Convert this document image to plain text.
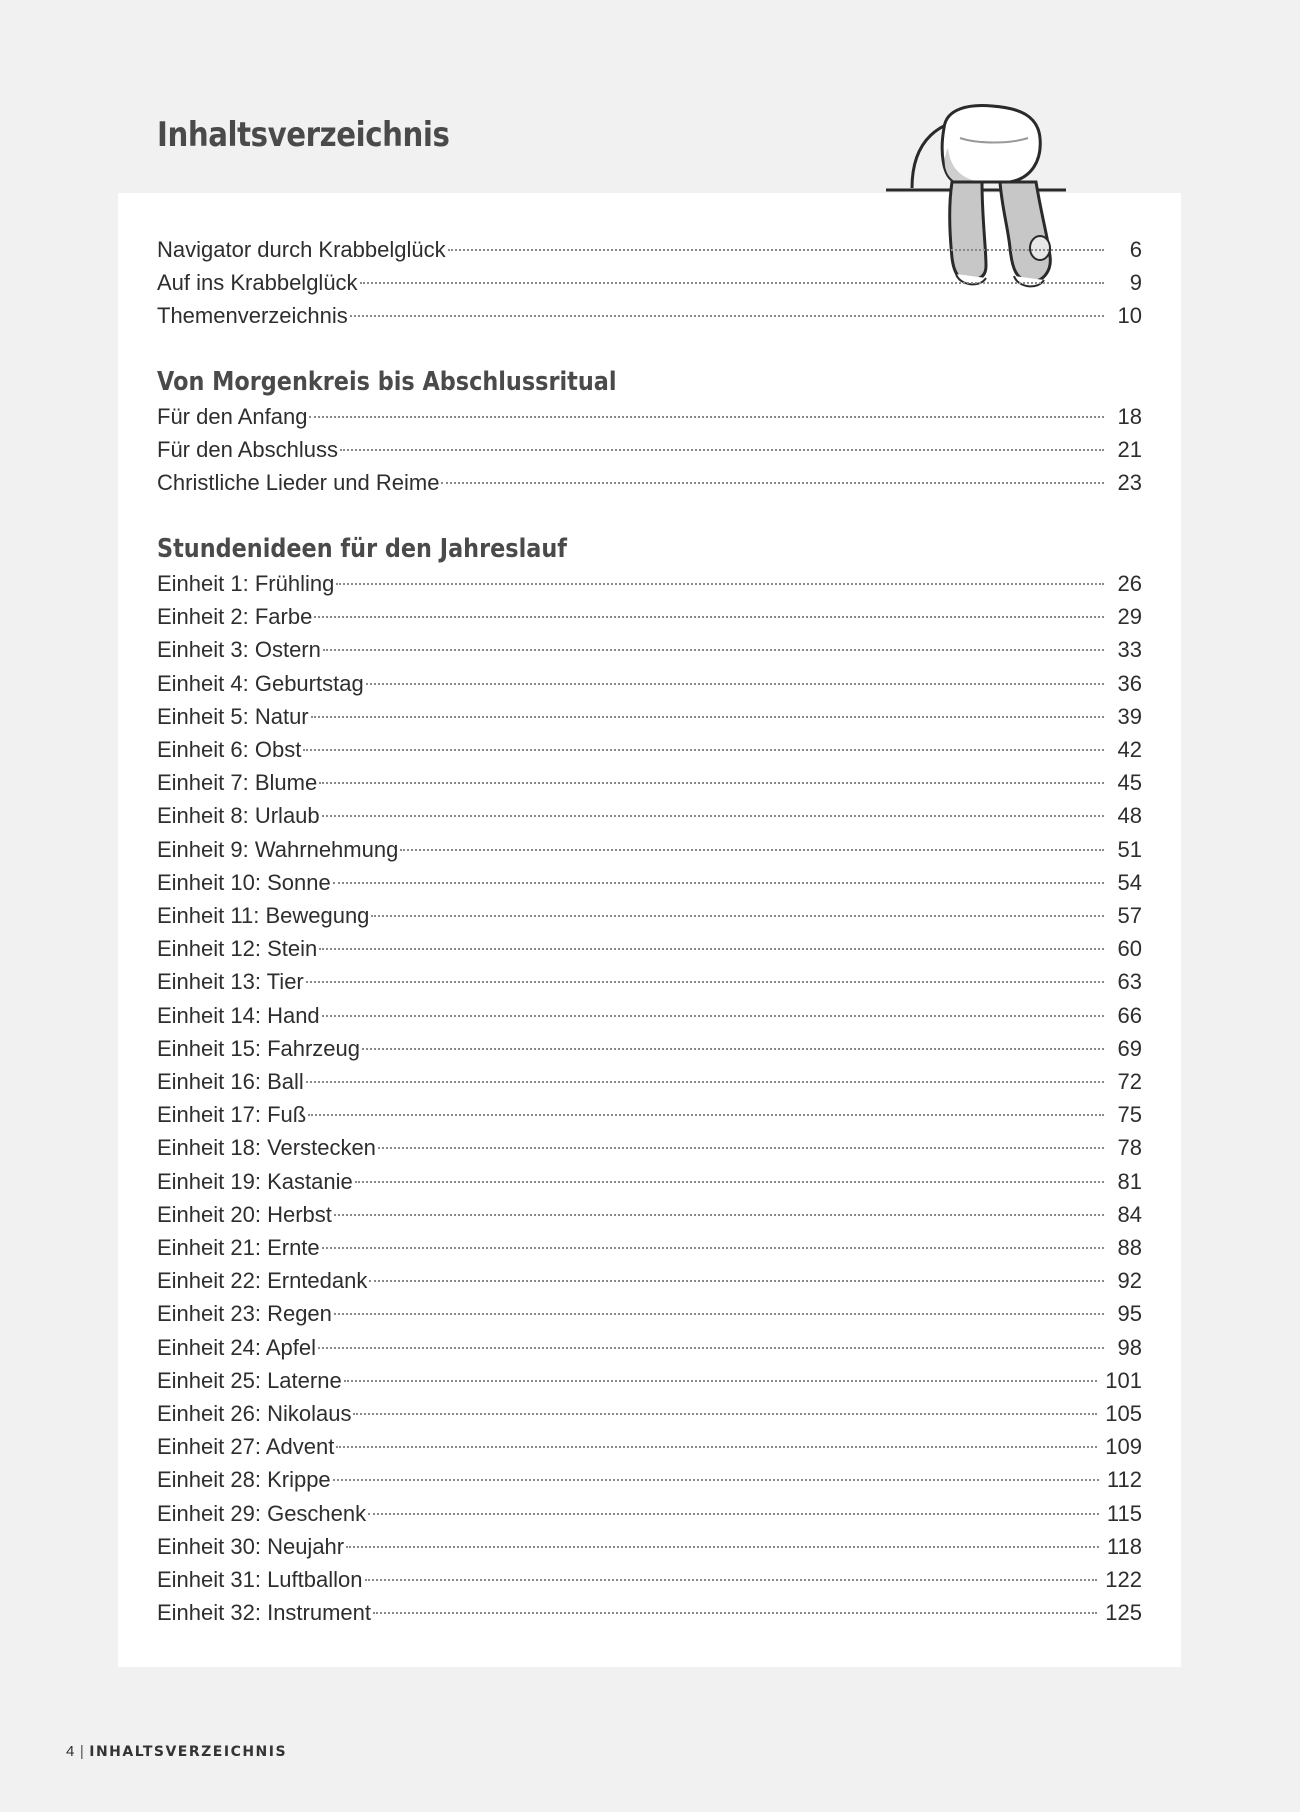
Inhaltsverzeichnis
Navigator durch Krabbelglück	6
Auf ins Krabbelglück	9
Themenverzeichnis	10
Von Morgenkreis bis Abschlussritual
Für den Anfang	18
Für den Abschluss	21
Christliche Lieder und Reime	23
Stundenideen für den Jahreslauf
Einheit 1: Frühling	26
Einheit 2: Farbe	29
Einheit 3: Ostern	33
Einheit 4: Geburtstag	36
Einheit 5: Natur	39
Einheit 6: Obst	42
Einheit 7: Blume	45
Einheit 8: Urlaub	48
Einheit 9: Wahrnehmung	51
Einheit 10: Sonne	54
Einheit 11: Bewegung	57
Einheit 12: Stein	60
Einheit 13: Tier	63
Einheit 14: Hand	66
Einheit 15: Fahrzeug	69
Einheit 16: Ball	72
Einheit 17: Fuß	75
Einheit 18: Verstecken	78
Einheit 19: Kastanie	81
Einheit 20: Herbst	84
Einheit 21: Ernte	88
Einheit 22: Erntedank	92
Einheit 23: Regen	95
Einheit 24: Apfel	98
Einheit 25: Laterne	101
Einheit 26: Nikolaus	105
Einheit 27: Advent	109
Einheit 28: Krippe	112
Einheit 29: Geschenk	115
Einheit 30: Neujahr	118
Einheit 31: Luftballon	122
Einheit 32: Instrument	125
4 | INHALTSVERZEICHNIS
